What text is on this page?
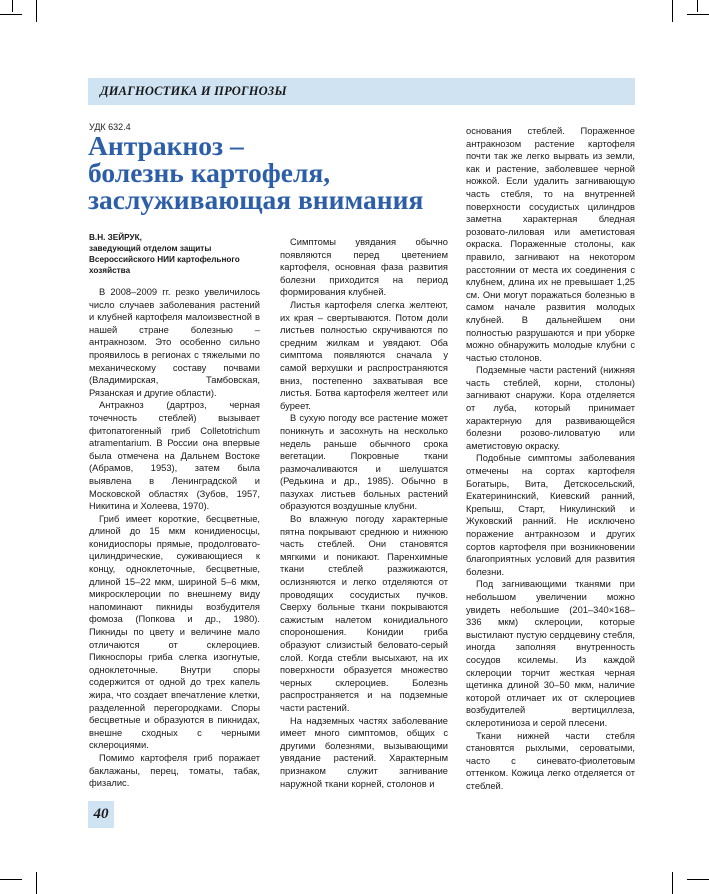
ДИАГНОСТИКА И ПРОГНОЗЫ
УДК 632.4
Антракноз –
болезнь картофеля,
заслуживающая внимания
В.Н. ЗЕЙРУК,
заведующий отделом защиты Всероссийского НИИ картофельного хозяйства

В 2008–2009 гг. резко увеличилось число случаев заболевания растений и клубней картофеля малоизвестной в нашей стране болезнью – антракнозом. Это особенно сильно проявилось в регионах с тяжелыми по механическому составу почвами (Владимирская, Тамбовская, Рязанская и другие области).

Антракноз (дартроз, черная точечность стеблей) вызывает фитопатогенный гриб Colletotrichum atramentarium. В России она впервые была отмечена на Дальнем Востоке (Абрамов, 1953), затем была выявлена в Ленинградской и Московской областях (Зубов, 1957, Никитина и Холеева, 1970).

Гриб имеет короткие, бесцветные, длиной до 15 мкм конидиеносцы, конидиоспоры прямые, продолговато-цилиндрические, суживающиеся к концу, одноклеточные, бесцветные, длиной 15–22 мкм, шириной 5–6 мкм, микросклероции по внешнему виду напоминают пикниды возбудителя фомоза (Попкова и др., 1980). Пикниды по цвету и величине мало отличаются от склероциев. Пикноспоры гриба слегка изогнутые, одноклеточные. Внутри споры содержится от одной до трех капель жира, что создает впечатление клетки, разделенной перегородками. Споры бесцветные и образуются в пикнидах, внешне сходных с черными склероциями.

Помимо картофеля гриб поражает баклажаны, перец, томаты, табак, физалис.

Симптомы увядания обычно появляются перед цветением картофеля, основная фаза развития болезни приходится на период формирования клубней.

Листья картофеля слегка желтеют, их края – свертываются. Потом доли листьев полностью скручиваются по средним жилкам и увядают. Оба симптома появляются сначала у самой верхушки и распространяются вниз, постепенно захватывая все листья. Ботва картофеля желтеет или буреет.

В сухую погоду все растение может поникнуть и засохнуть на несколько недель раньше обычного срока вегетации. Покровные ткани размочаливаются и шелушатся (Редькина и др., 1985). Обычно в пазухах листьев больных растений образуются воздушные клубни.

Во влажную погоду характерные пятна покрывают среднюю и нижнюю часть стеблей. Они становятся мягкими и поникают. Паренхимные ткани стеблей разжижаются, ослизняются и легко отделяются от проводящих сосудистых пучков. Сверху больные ткани покрываются сажистым налетом конидиального спороношения. Конидии гриба образуют слизистый беловато-серый слой. Когда стебли высыхают, на их поверхности образуется множество черных склероциев. Болезнь распространяется и на подземные части растений.

На надземных частях заболевание имеет много симптомов, общих с другими болезнями, вызывающими увядание растений. Характерным признаком служит загнивание наружной ткани корней, столонов и

основания стеблей. Пораженное антракнозом растение картофеля почти так же легко вырвать из земли, как и растение, заболевшее черной ножкой. Если удалить загнивающую часть стебля, то на внутренней поверхности сосудистых цилиндров заметна характерная бледная розовато-лиловая или аметистовая окраска. Пораженные столоны, как правило, загнивают на некотором расстоянии от места их соединения с клубнем, длина их не превышает 1,25 см. Они могут поражаться болезнью в самом начале развития молодых клубней. В дальнейшем они полностью разрушаются и при уборке можно обнаружить молодые клубни с частью столонов.

Подземные части растений (нижняя часть стеблей, корни, столоны) загнивают снаружи. Кора отделяется от луба, который принимает характерную для развивающейся болезни розово-лиловатую или аметистовую окраску.

Подобные симптомы заболевания отмечены на сортах картофеля Богатырь, Вита, Детскосельский, Екатерининский, Киевский ранний, Крепыш, Старт, Никулинский и Жуковский ранний. Не исключено поражение антракнозом и других сортов картофеля при возникновении благоприятных условий для развития болезни.

Под загнивающими тканями при небольшом увеличении можно увидеть небольшие (201–340×168–336 мкм) склероции, которые выстилают пустую сердцевину стебля, иногда заполняя внутренность сосудов ксилемы. Из каждой склероции торчит жесткая черная щетинка длиной 30–50 мкм, наличие которой отличает их от склероциев возбудителей вертициллеза, склеротиниоза и серой плесени.

Ткани нижней части стебля становятся рыхлыми, сероватыми, часто с синевато-фиолетовым оттенком. Кожица легко отделяется от стеблей.

40
